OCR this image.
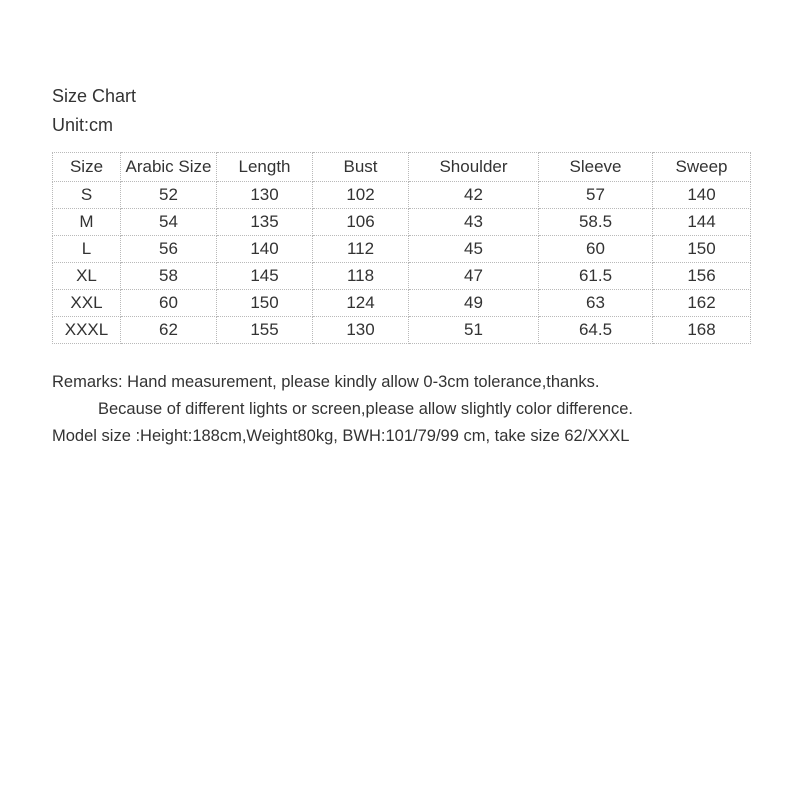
Size Chart
Unit:cm
Size	Arabic Size	Length	Bust	Shoulder	Sleeve	Sweep
S	52	130	102	42	57	140
M	54	135	106	43	58.5	144
L	56	140	112	45	60	150
XL	58	145	118	47	61.5	156
XXL	60	150	124	49	63	162
XXXL	62	155	130	51	64.5	168
Remarks: Hand measurement, please kindly allow 0-3cm tolerance,thanks.
Because of different lights or screen,please allow slightly color difference.
Model size :Height:188cm,Weight80kg, BWH:101/79/99 cm, take size 62/XXXL
